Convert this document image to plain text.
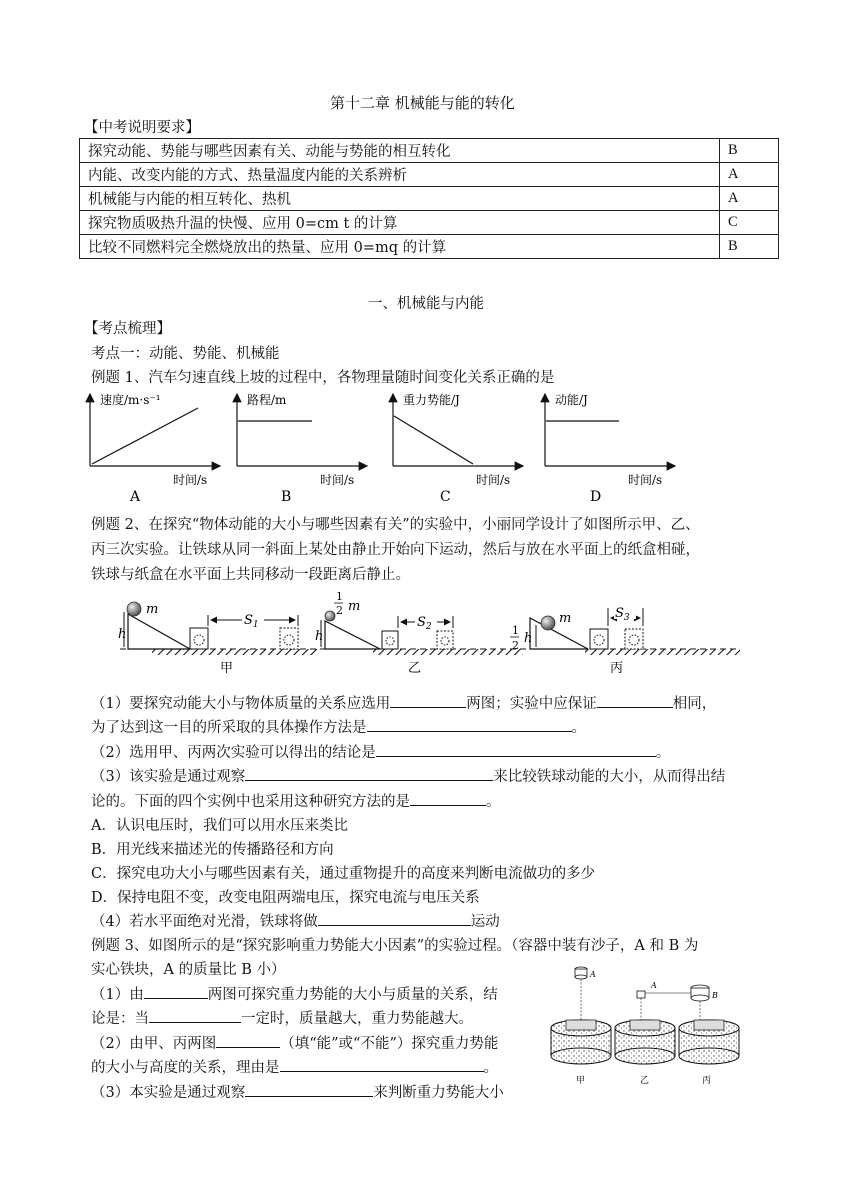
第十二章 机械能与能的转化
【中考说明要求】
探究动能、势能与哪些因素有关、动能与势能的相互转化	B
内能、改变内能的方式、热量温度内能的关系辨析	A
机械能与内能的相互转化、热机	A
探究物质吸热升温的快慢、应用 0=cm t 的计算	C
比较不同燃料完全燃烧放出的热量、应用 0=mq 的计算	B
一、机械能与内能
【考点梳理】
考点一：动能、势能、机械能
例题 1、汽车匀速直线上坡的过程中，各物理量随时间变化关系正确的是
速度/m·s⁻¹
时间/s
A
路程/m
时间/s
B
重力势能/J
时间/s
C
动能/J
时间/s
D
例题 2、在探究“物体动能的大小与哪些因素有关”的实验中，小丽同学设计了如图所示甲、乙、
丙三次实验。让铁球从同一斜面上某处由静止开始向下运动，然后与放在水平面上的纸盒相碰，
铁球与纸盒在水平面上共同移动一段距离后静止。
m
h
$S_1$
甲
1
2 m
h
$S_2$
乙
1
2 h
m	$S_3$
丙
（1）要探究动能大小与物体质量的关系应选用	两图；实验中应保证	相同，
为了达到这一目的所采取的具体操作方法是	。
（2）选用甲、丙两次实验可以得出的结论是	。
（3）该实验是通过观察	来比较铁球动能的大小，从而得出结
论的。下面的四个实例中也采用这种研究方法的是	。
A．认识电压时，我们可以用水压来类比
B．用光线来描述光的传播路径和方向
C．探究电功大小与哪些因素有关，通过重物提升的高度来判断电流做功的多少
D．保持电阻不变，改变电阻两端电压，探究电流与电压关系
（4）若水平面绝对光滑，铁球将做	运动
例题 3、如图所示的是“探究影响重力势能大小因素”的实验过程。（容器中装有沙子，A 和 B 为
实心铁块，A 的质量比 B 小）
（1）由	两图可探究重力势能的大小与质量的关系，结
论是：当	一定时，质量越大，重力势能越大。
（2）由甲、丙两图	（填“能”或“不能”）探究重力势能
的大小与高度的关系，理由是	。
（3）本实验是通过观察	来判断重力势能大小
A
A
B
甲	乙	丙
